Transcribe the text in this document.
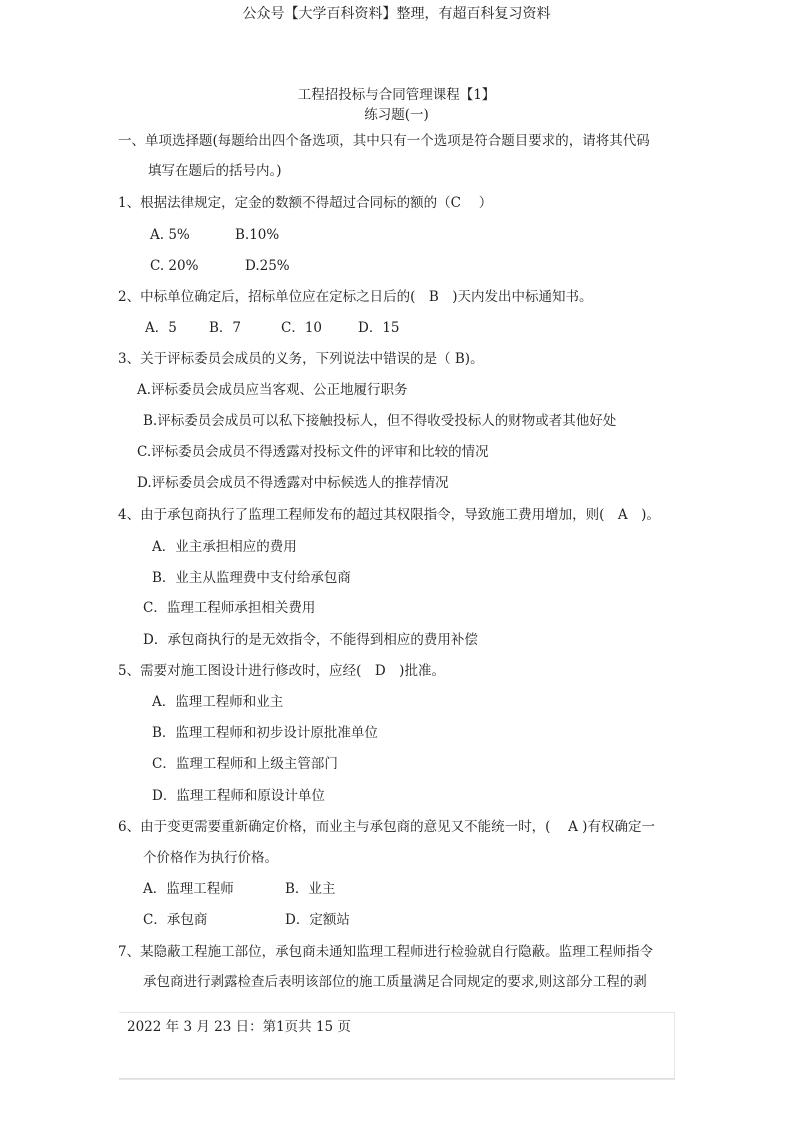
公众号【大学百科资料】整理，有超百科复习资料
工程招投标与合同管理课程【1】
练习题(一)
一、单项选择题(每题给出四个备选项，其中只有一个选项是符合题目要求的，请将其代码
填写在题后的括号内。)
1、根据法律规定，定金的数额不得超过合同标的额的（C　 ）
A. 5%	B.10%
C. 20%	D.25%
2、中标单位确定后，招标单位应在定标之日后的(　B　)天内发出中标通知书。
A．5 B．7	C．10	D．15
3、关于评标委员会成员的义务，下列说法中错误的是（ B)。
A.评标委员会成员应当客观、公正地履行职务
B.评标委员会成员可以私下接触投标人，但不得收受投标人的财物或者其他好处
C.评标委员会成员不得透露对投标文件的评审和比较的情况
D.评标委员会成员不得透露对中标候选人的推荐情况
4、由于承包商执行了监理工程师发布的超过其权限指令，导致施工费用增加，则(　A　)。
A．业主承担相应的费用
B．业主从监理费中支付给承包商
C．监理工程师承担相关费用
D．承包商执行的是无效指令，不能得到相应的费用补偿
5、需要对施工图设计进行修改时，应经(　D　)批准。
A．监理工程师和业主
B．监理工程师和初步设计原批准单位
C．监理工程师和上级主管部门
D．监理工程师和原设计单位
6、由于变更需要重新确定价格，而业主与承包商的意见又不能统一时，(　 A )有权确定一
个价格作为执行价格。
A．监理工程师	B．业主
C．承包商	D．定额站
7、某隐蔽工程施工部位，承包商未通知监理工程师进行检验就自行隐蔽。监理工程师指令
承包商进行剥露检查后表明该部位的施工质量满足合同规定的要求,则这部分工程的剥
2022 年 3 月 23 日：第1页共 15 页
